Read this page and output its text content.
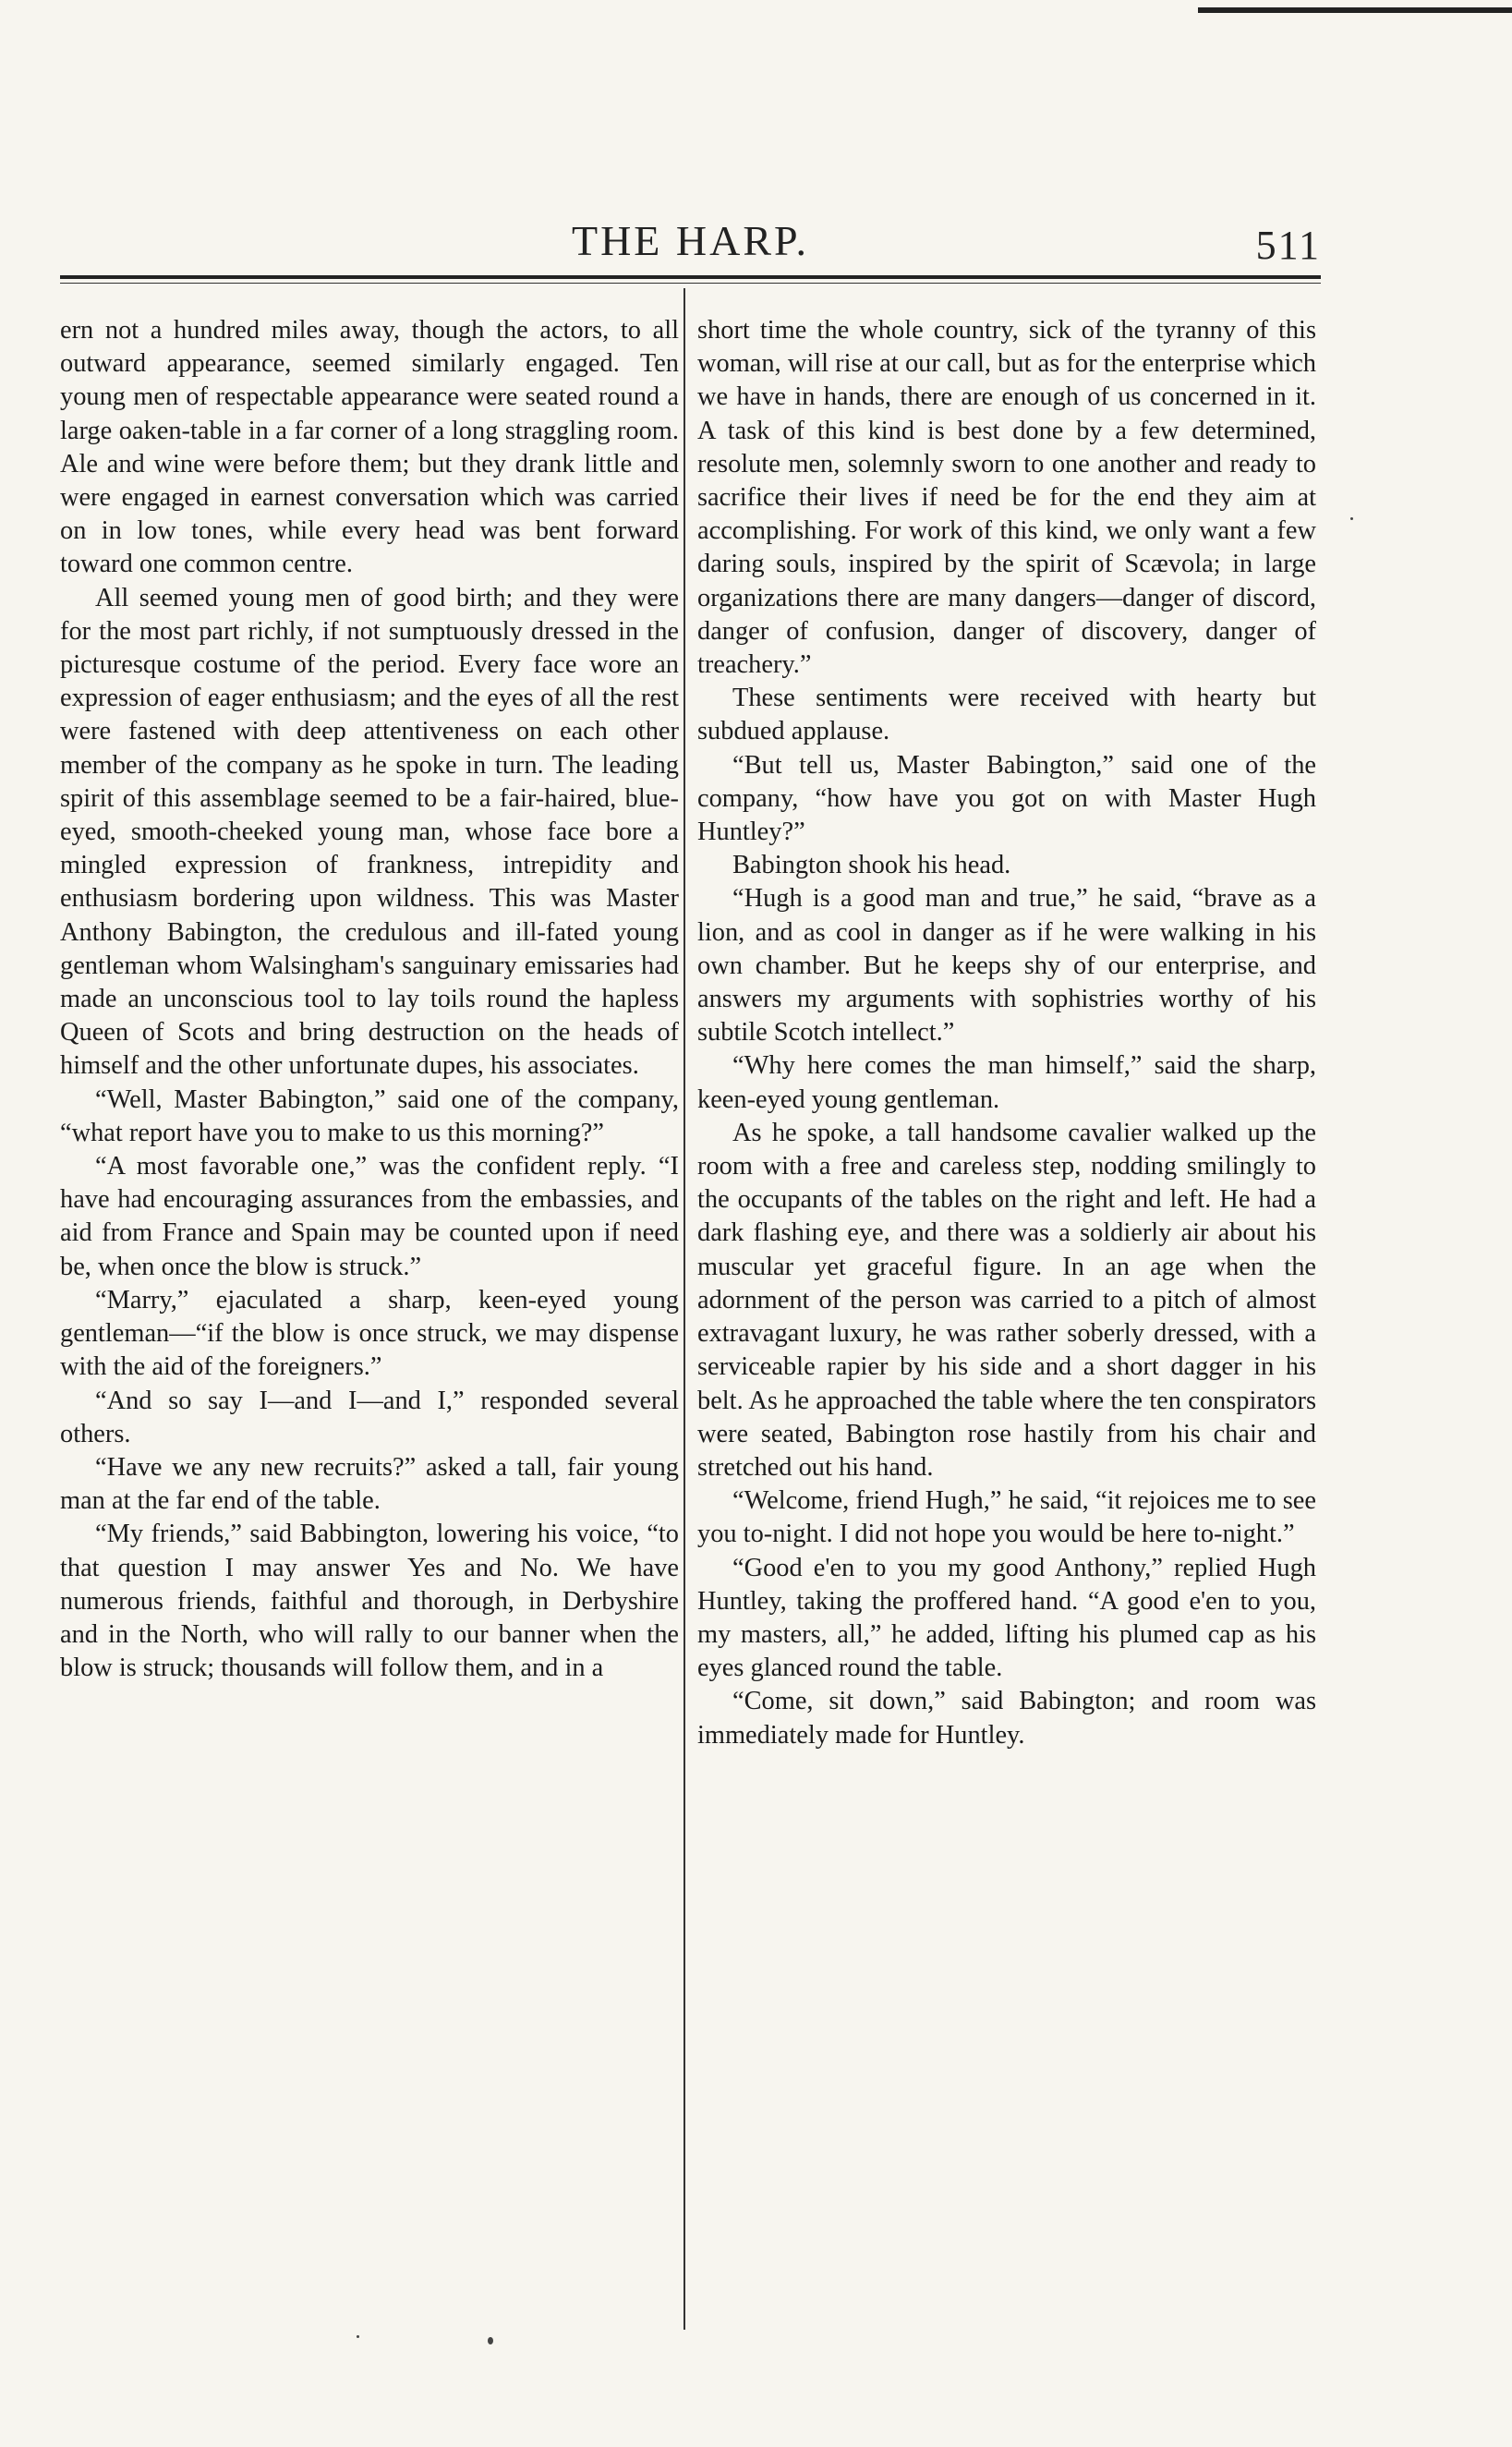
THE HARP.	511

ern not a hundred miles away, though the actors, to all outward appearance, seemed similarly engaged. Ten young men of respectable appearance were seated round a large oaken-table in a far corner of a long straggling room. Ale and wine were before them; but they drank little and were engaged in earnest conversation which was carried on in low tones, while every head was bent forward toward one common centre.

All seemed young men of good birth; and they were for the most part richly, if not sumptuously dressed in the picturesque costume of the period. Every face wore an expression of eager enthusiasm; and the eyes of all the rest were fastened with deep attentiveness on each other member of the company as he spoke in turn. The leading spirit of this assemblage seemed to be a fair-haired, blue-eyed, smooth-cheeked young man, whose face bore a mingled expression of frankness, intrepidity and enthusiasm bordering upon wildness. This was Master Anthony Babington, the credulous and ill-fated young gentleman whom Walsingham's sanguinary emissaries had made an unconscious tool to lay toils round the hapless Queen of Scots and bring destruction on the heads of himself and the other unfortunate dupes, his associates.

“Well, Master Babington,” said one of the company, “what report have you to make to us this morning?”

“A most favorable one,” was the confident reply. “I have had encouraging assurances from the embassies, and aid from France and Spain may be counted upon if need be, when once the blow is struck.”

“Marry,” ejaculated a sharp, keen-eyed young gentleman—“if the blow is once struck, we may dispense with the aid of the foreigners.”

“And so say I—and I—and I,” responded several others.

“Have we any new recruits?” asked a tall, fair young man at the far end of the table.

“My friends,” said Babbington, lowering his voice, “to that question I may answer Yes and No. We have numerous friends, faithful and thorough, in Derbyshire and in the North, who will rally to our banner when the blow is struck; thousands will follow them, and in a

short time the whole country, sick of the tyranny of this woman, will rise at our call, but as for the enterprise which we have in hands, there are enough of us concerned in it. A task of this kind is best done by a few determined, resolute men, solemnly sworn to one another and ready to sacrifice their lives if need be for the end they aim at accomplishing. For work of this kind, we only want a few daring souls, inspired by the spirit of Scævola; in large organizations there are many dangers—danger of discord, danger of confusion, danger of discovery, danger of treachery.”

These sentiments were received with hearty but subdued applause.

“But tell us, Master Babington,” said one of the company, “how have you got on with Master Hugh Huntley?”

Babington shook his head.

“Hugh is a good man and true,” he said, “brave as a lion, and as cool in danger as if he were walking in his own chamber. But he keeps shy of our enterprise, and answers my arguments with sophistries worthy of his subtile Scotch intellect.”

“Why here comes the man himself,” said the sharp, keen-eyed young gentleman.

As he spoke, a tall handsome cavalier walked up the room with a free and careless step, nodding smilingly to the occupants of the tables on the right and left. He had a dark flashing eye, and there was a soldierly air about his muscular yet graceful figure. In an age when the adornment of the person was carried to a pitch of almost extravagant luxury, he was rather soberly dressed, with a serviceable rapier by his side and a short dagger in his belt. As he approached the table where the ten conspirators were seated, Babington rose hastily from his chair and stretched out his hand.

“Welcome, friend Hugh,” he said, “it rejoices me to see you to-night. I did not hope you would be here to-night.”

“Good e'en to you my good Anthony,” replied Hugh Huntley, taking the proffered hand. “A good e'en to you, my masters, all,” he added, lifting his plumed cap as his eyes glanced round the table.

“Come, sit down,” said Babington; and room was immediately made for Huntley.
